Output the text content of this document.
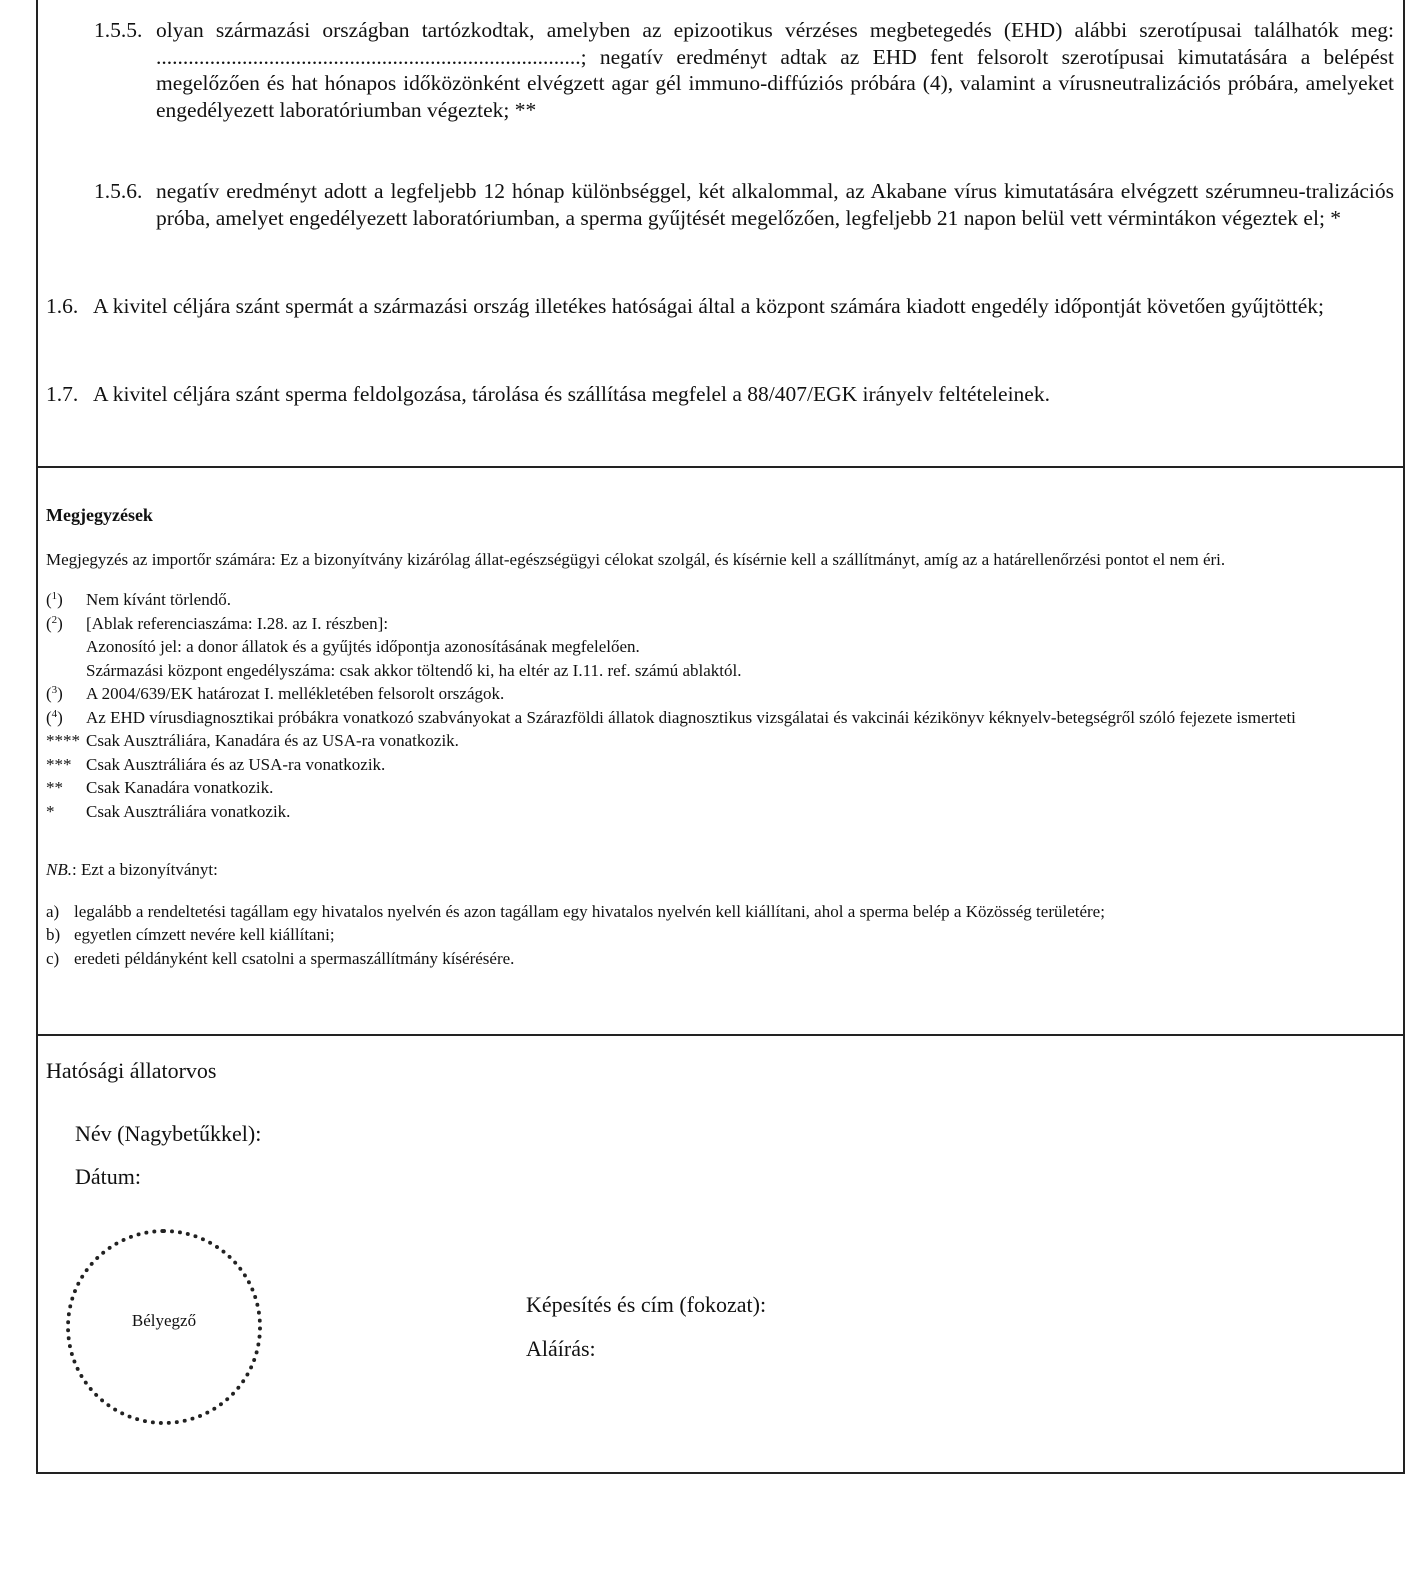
1.5.5. olyan származási országban tartózkodtak, amelyben az epizootikus vérzéses megbetegedés (EHD) alábbi szerotípusai találhatók meg: ...............................................................................; negatív eredményt adtak az EHD fent felsorolt szerotípusai kimutatására a belépést megelőzően és hat hónapos időközönként elvégzett agar gél immuno-diffúziós próbára (4), valamint a vírusneutralizációs próbára, amelyeket engedélyezett laboratóriumban végeztek; **
1.5.6. negatív eredményt adott a legfeljebb 12 hónap különbséggel, két alkalommal, az Akabane vírus kimutatására elvégzett szérumneu-tralizációs próba, amelyet engedélyezett laboratóriumban, a sperma gyűjtését megelőzően, legfeljebb 21 napon belül vett vérmintákon végeztek el; *
1.6. A kivitel céljára szánt spermát a származási ország illetékes hatóságai által a központ számára kiadott engedély időpontját követően gyűjtötték;
1.7. A kivitel céljára szánt sperma feldolgozása, tárolása és szállítása megfelel a 88/407/EGK irányelv feltételeinek.
Megjegyzések
Megjegyzés az importőr számára: Ez a bizonyítvány kizárólag állat-egészségügyi célokat szolgál, és kísérnie kell a szállítmányt, amíg az a határellenőrzési pontot el nem éri.
($^1$) Nem kívánt törlendő.
($^2$) [Ablak referenciaszáma: I.28. az I. részben]:
Azonosító jel: a donor állatok és a gyűjtés időpontja azonosításának megfelelően.
Származási központ engedélyszáma: csak akkor töltendő ki, ha eltér az I.11. ref. számú ablaktól.
($^3$) A 2004/639/EK határozat I. mellékletében felsorolt országok.
($^4$) Az EHD vírusdiagnosztikai próbákra vonatkozó szabványokat a Szárazföldi állatok diagnosztikus vizsgálatai és vakcinái kézikönyv kéknyelv-betegségről szóló fejezete ismerteti
**** Csak Ausztráliára, Kanadára és az USA-ra vonatkozik.
*** Csak Ausztráliára és az USA-ra vonatkozik.
** Csak Kanadára vonatkozik.
* Csak Ausztráliára vonatkozik.
NB.: Ezt a bizonyítványt:
a) legalább a rendeltetési tagállam egy hivatalos nyelvén és azon tagállam egy hivatalos nyelvén kell kiállítani, ahol a sperma belép a Közösség területére;
b) egyetlen címzett nevére kell kiállítani;
c) eredeti példányként kell csatolni a spermaszállítmány kísérésére.
Hatósági állatorvos
Név (Nagybetűkkel):
Dátum:
Bélyegző
Képesítés és cím (fokozat):
Aláírás:
